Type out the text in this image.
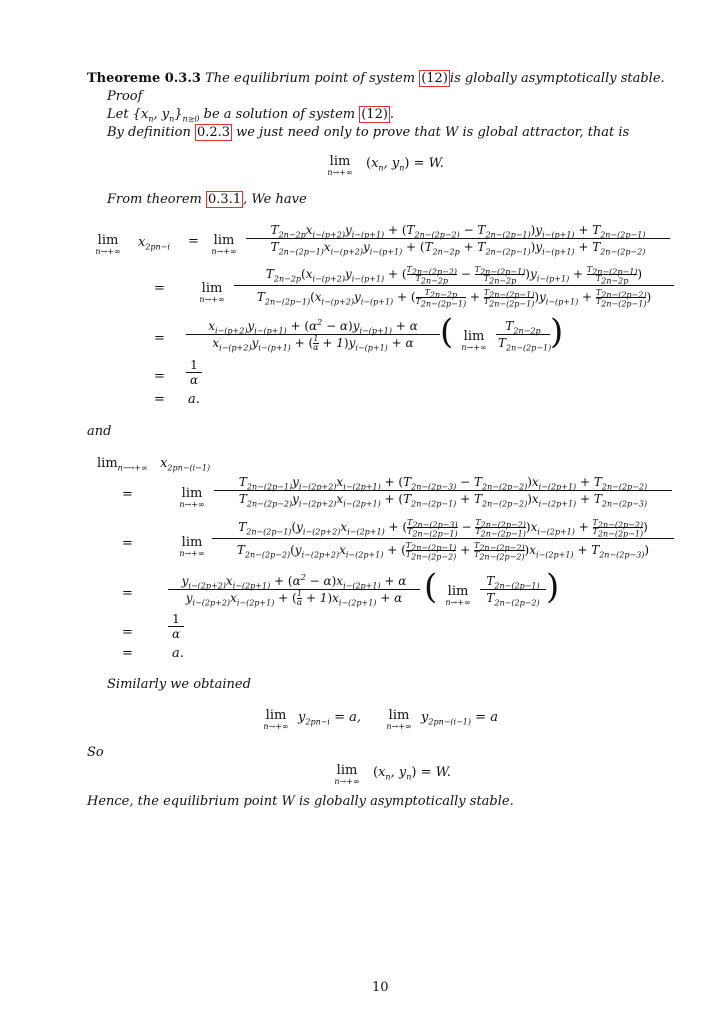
Theoreme 0.3.3 The equilibrium point of system (12) is globally asymptotically stable.
Proof
Let {$x_n$, $y_n\}_{n\ge 0}$ be a solution of system (12) .
By definition 0.2.3 we just need only to prove that W is global attractor, that is
lim
n→+∞
($x_n$, $y_n) = W$.
From theorem 0.3.1 , We have
lim
n→+∞
$x_{2pn-i}$ =	lim
n→+∞
$T_{2n-2p}x_{i-(p+2)}y_{i-(p+1)} + (T_{2n-(2p-2)} - T_{2n-(2p-1)})y_{i-(p+1)} + T_{2n-(2p-1)}$
$T_{2n-(2p-1)}x_{i-(p+2)}y_{i-(p+1)} + (T_{2n-2p} + T_{2n-(2p-1)})y_{i-(p+1)} + T_{2n-(2p-2)}$
=	lim
n→+∞
$T_{2n-2p}(x_{i-(p+2)}y_{i-(p+1)}$ + ( $\frac{T_{2n-(2p-2)}}{T_{2n-2p}} - \frac{T_{2n-(2p-1)}}{T_{2n-2p}} )y_{i-(p+1)} + \frac{T_{2n-(2p-1)}}{T_{2n-2p}}$ )
$T_{2n-(2p-1)}(x_{i-(p+2)}y_{i-(p+1)}$ + ( $\frac{T_{2n-2p}}{T_{2n-(2p-1)}} + \frac{T_{2n-(2p-1)}}{T_{2n-(2p-1)}} )y_{i-(p+1)} + \frac{T_{2n-(2p-2)}}{T_{2n-(2p-1)}}$ )
= $\frac{x_{i-(p+2)}y_{i-(p+1)} + (\alpha^2 - \alpha)y_{i-(p+1)} + \alpha}{x_{i-(p+2)}y_{i-(p+1)} + ( \frac{1}{\alpha} + 1)y_{i-(p+1)} + \alpha}$ ( lim
$n\to+\infty \frac{T_{2n-2p}}{T_{2n-(2p-1)}}$ )
= $\frac{1}{\alpha}$
= a.
and
$\lim_{n⟶+\infty} x_{2pn-(i-1)}$
=	lim
n→+∞
$T_{2n-(2p-1)}y_{i-(2p+2)}x_{i-(2p+1)} + (T_{2n-(2p-3)} - T_{2n-(2p-2)})x_{i-(2p+1)} + T_{2n-(2p-2)}$
$T_{2n-(2p-2)}y_{i-(2p+2)}x_{i-(2p+1)} + (T_{2n-(2p-1)} + T_{2n-(2p-2)})x_{i-(2p+1)} + T_{2n-(2p-3)}$
=	lim
n→+∞
$T_{2n-(2p-1)}(y_{i-(2p+2)}x_{i-(2p+1)}$ + ( $\frac{T_{2n-(2p-3)}}{T_{2n-(2p-1)}} - \frac{T_{2n-(2p-2)}}{T_{2n-(2p-1)}} )x_{i-(2p+1)} + \frac{T_{2n-(2p-2)}}{T_{2n-(2p-1)}}$ )
$T_{2n-(2p-2)}(y_{i-(2p+2)}x_{i-(2p+1)}$ + ( $\frac{T_{2n-(2p-1)}}{T_{2n-(2p-2)}} + \frac{T_{2n-(2p-2)}}{T_{2n-(2p-2)}} )x_{i-(2p+1)} + T_{2n-(2p-3)}$)
=	$\frac{y_{i-(2p+2)}x_{i-(2p+1)} + (\alpha^2 - \alpha)x_{i-(2p+1)} + \alpha}{y_{i-(2p+2)}x_{i-(2p+1)} + ( \frac{1}{\alpha} + 1)x_{i-(2p+1)} + \alpha}$ ( lim
$n\to+\infty \frac{T_{2n-(2p-1)}}{T_{2n-(2p-2)}}$ )
=	$\frac{1}{\alpha}$
=	a.
Similarly we obtained
lim
n→+∞
$y_{2pn-i} = a$,	lim
n→+∞
$y_{2pn-(i-1)} = a$
So
lim
n→+∞
($x_n$, $y_n) = W$.
Hence, the equilibrium point W is globally asymptotically stable.
10
